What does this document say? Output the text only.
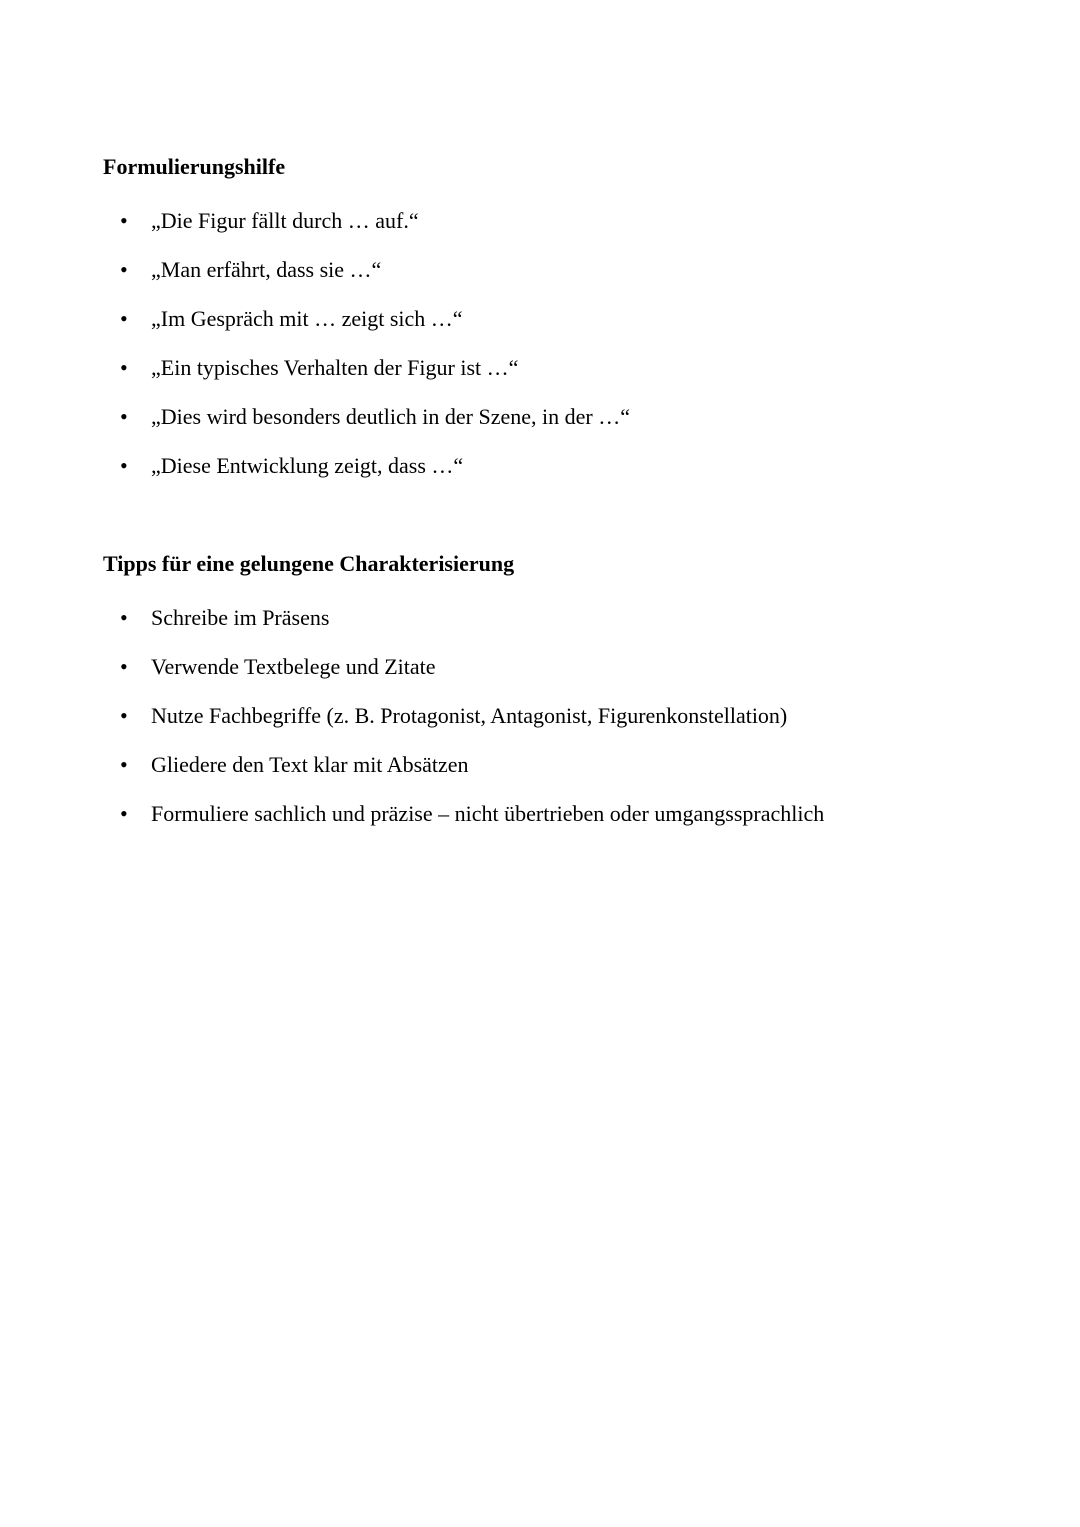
Formulierungshilfe
• „Die Figur fällt durch … auf.“
• „Man erfährt, dass sie …“
• „Im Gespräch mit … zeigt sich …“
• „Ein typisches Verhalten der Figur ist …“
• „Dies wird besonders deutlich in der Szene, in der …“
• „Diese Entwicklung zeigt, dass …“
Tipps für eine gelungene Charakterisierung
• Schreibe im Präsens
• Verwende Textbelege und Zitate
• Nutze Fachbegriffe (z. B. Protagonist, Antagonist, Figurenkonstellation)
• Gliedere den Text klar mit Absätzen
• Formuliere sachlich und präzise – nicht übertrieben oder umgangssprachlich
